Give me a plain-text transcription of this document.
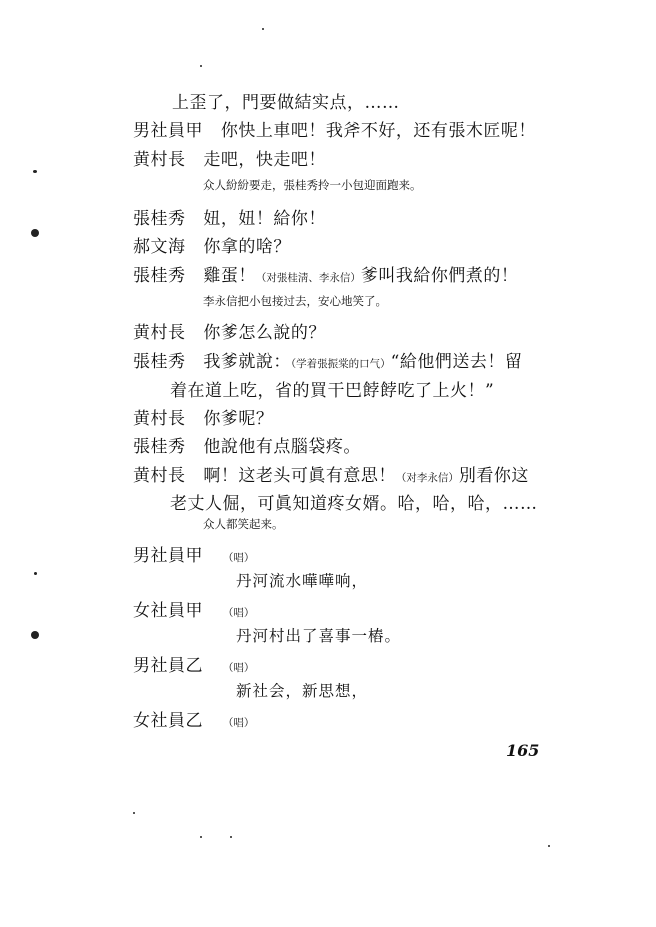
上歪了，門要做結实点，……
男社員甲 你快上車吧！我斧不好，还有張木匠呢！
黄村長 走吧，快走吧！
众人紛紛要走，張桂秀拎一小包迎面跑来。
張桂秀 妞，妞！給你！
郝文海 你拿的啥？
張桂秀 雞蛋！（对張桂淸、李永信）爹叫我給你們煮的！
李永信把小包接过去，安心地笑了。
黄村長 你爹怎么說的？
張桂秀 我爹就說：（学着張振棠的口气）“給他們送去！留
着在道上吃，省的買干巴餑餑吃了上火！”
黄村長 你爹呢？
張桂秀 他說他有点腦袋疼。
黄村長 啊！这老头可眞有意思！（对李永信）別看你这
老丈人倔，可眞知道疼女婿。哈，哈，哈，……
众人都笑起来。
男社員甲 （唱）
丹河流水嘩嘩响，
女社員甲 （唱）
丹河村出了喜事一樁。
男社員乙 （唱）
新社会，新思想，
女社員乙 （唱）
165
